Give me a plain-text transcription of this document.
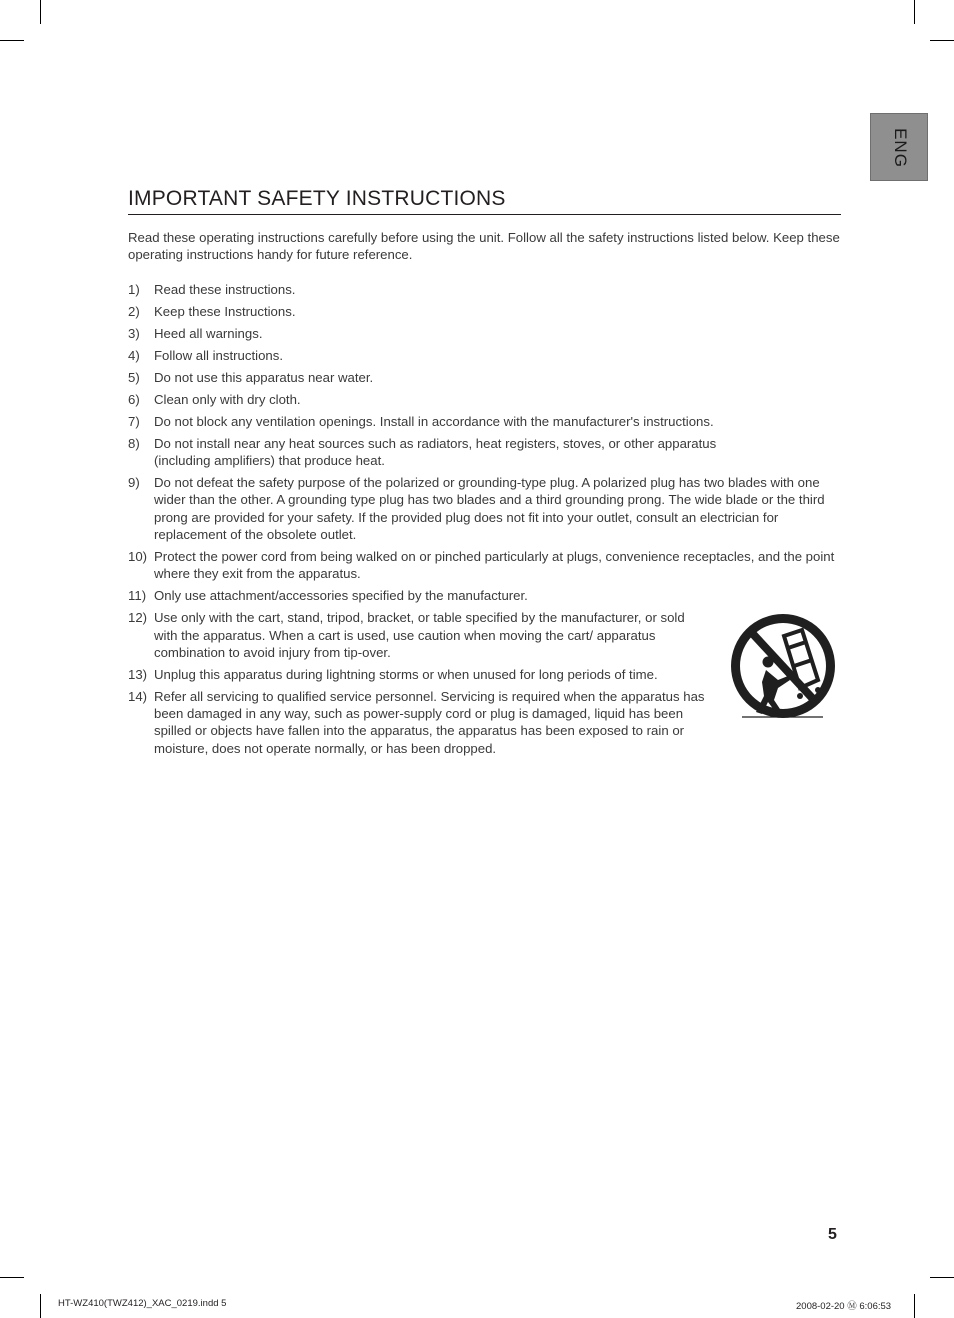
ENG
IMPORTANT SAFETY INSTRUCTIONS
Read these operating instructions carefully before using the unit. Follow all the safety instructions listed below. Keep these operating instructions handy for future reference.
1) Read these instructions.
2) Keep these Instructions.
3) Heed all warnings.
4) Follow all instructions.
5) Do not use this apparatus near water.
6) Clean only with dry cloth.
7) Do not block any ventilation openings. Install in accordance with the manufacturer's instructions.
8) Do not install near any heat sources such as radiators, heat registers, stoves, or other apparatus (including amplifiers) that produce heat.
9) Do not defeat the safety purpose of the polarized or grounding-type plug. A polarized plug has two blades with one wider than the other. A grounding type plug has two blades and a third grounding prong. The wide blade or the third prong are provided for your safety. If the provided plug does not fit into your outlet, consult an electrician for replacement of the obsolete outlet.
10) Protect the power cord from being walked on or pinched particularly at plugs, convenience receptacles, and the point where they exit from the apparatus.
11) Only use attachment/accessories specified by the manufacturer.
12) Use only with the cart, stand, tripod, bracket, or table specified by the manufacturer, or sold with the apparatus. When a cart is used, use caution when moving the cart/ apparatus combination to avoid injury from tip-over.
13) Unplug this apparatus during lightning storms or when unused for long periods of time.
14) Refer all servicing to qualified service personnel. Servicing is required when the apparatus has been damaged in any way, such as power-supply cord or plug is damaged, liquid has been spilled or objects have fallen into the apparatus, the apparatus has been exposed to rain or moisture, does not operate normally, or has been dropped.
5
HT-WZ410(TWZ412)_XAC_0219.indd 5	2008-02-20 Ⓜ 6:06:53
